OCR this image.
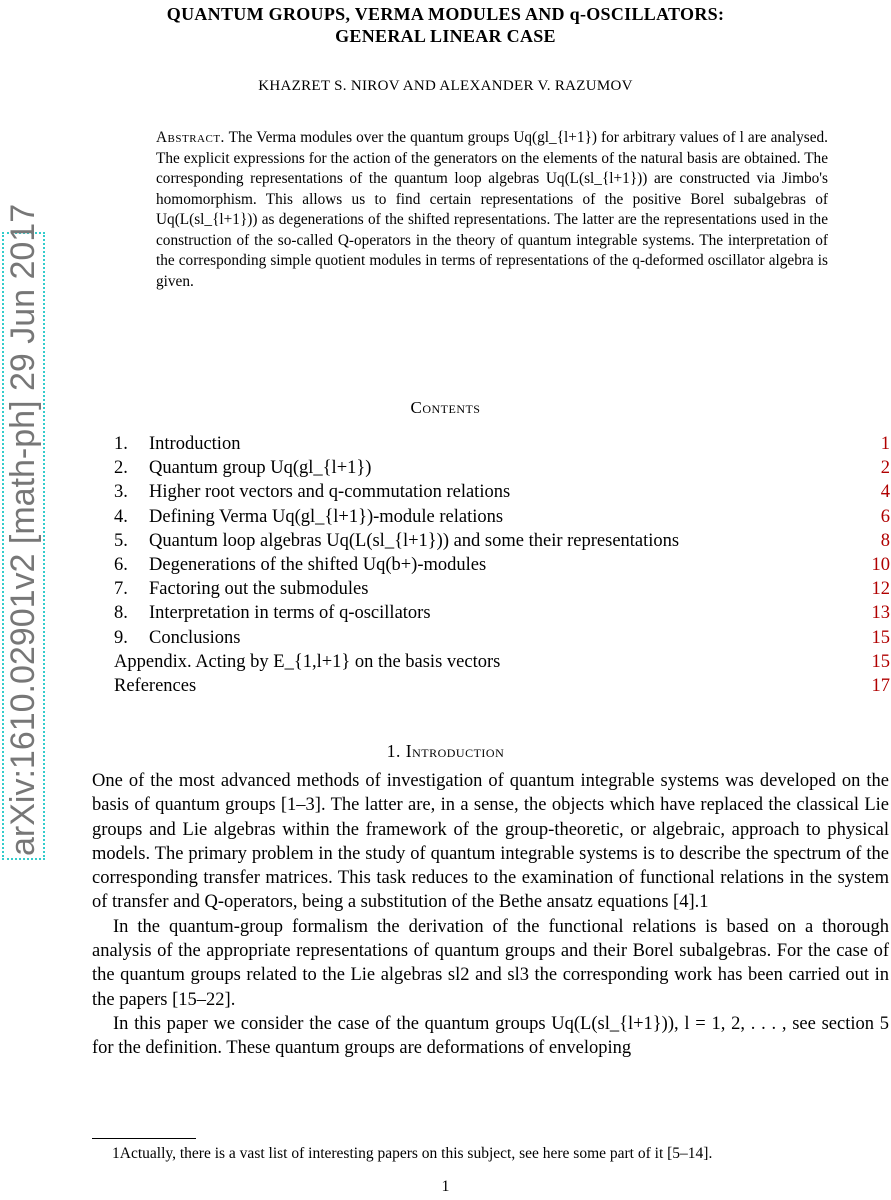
QUANTUM GROUPS, VERMA MODULES AND q-OSCILLATORS:
GENERAL LINEAR CASE
KHAZRET S. NIROV AND ALEXANDER V. RAZUMOV
Abstract. The Verma modules over the quantum groups Uq(gl_{l+1}) for arbitrary values of l are analysed. The explicit expressions for the action of the generators on the elements of the natural basis are obtained. The corresponding representations of the quantum loop algebras Uq(L(sl_{l+1})) are constructed via Jimbo's homomorphism. This allows us to find certain representations of the positive Borel subalgebras of Uq(L(sl_{l+1})) as degenerations of the shifted representations. The latter are the representations used in the construction of the so-called Q-operators in the theory of quantum integrable systems. The interpretation of the corresponding simple quotient modules in terms of representations of the q-deformed oscillator algebra is given.
Contents
1. Introduction	1
2. Quantum group Uq(gl_{l+1})	2
3. Higher root vectors and q-commutation relations	4
4. Defining Verma Uq(gl_{l+1})-module relations	6
5. Quantum loop algebras Uq(L(sl_{l+1})) and some their representations	8
6. Degenerations of the shifted Uq(b+)-modules	10
7. Factoring out the submodules	12
8. Interpretation in terms of q-oscillators	13
9. Conclusions	15
Appendix. Acting by E_{1,l+1} on the basis vectors	15
References	17
1. Introduction

One of the most advanced methods of investigation of quantum integrable systems was developed on the basis of quantum groups [1–3]. The latter are, in a sense, the objects which have replaced the classical Lie groups and Lie algebras within the framework of the group-theoretic, or algebraic, approach to physical models. The primary problem in the study of quantum integrable systems is to describe the spectrum of the corresponding transfer matrices. This task reduces to the examination of functional relations in the system of transfer and Q-operators, being a substitution of the Bethe ansatz equations [4].1

In the quantum-group formalism the derivation of the functional relations is based on a thorough analysis of the appropriate representations of quantum groups and their Borel subalgebras. For the case of the quantum groups related to the Lie algebras sl2 and sl3 the corresponding work has been carried out in the papers [15–22].

In this paper we consider the case of the quantum groups Uq(L(sl_{l+1})), l = 1, 2, . . . , see section 5 for the definition. These quantum groups are deformations of enveloping

1Actually, there is a vast list of interesting papers on this subject, see here some part of it [5–14].
1
arXiv:1610.02901v2 [math-ph] 29 Jun 2017
